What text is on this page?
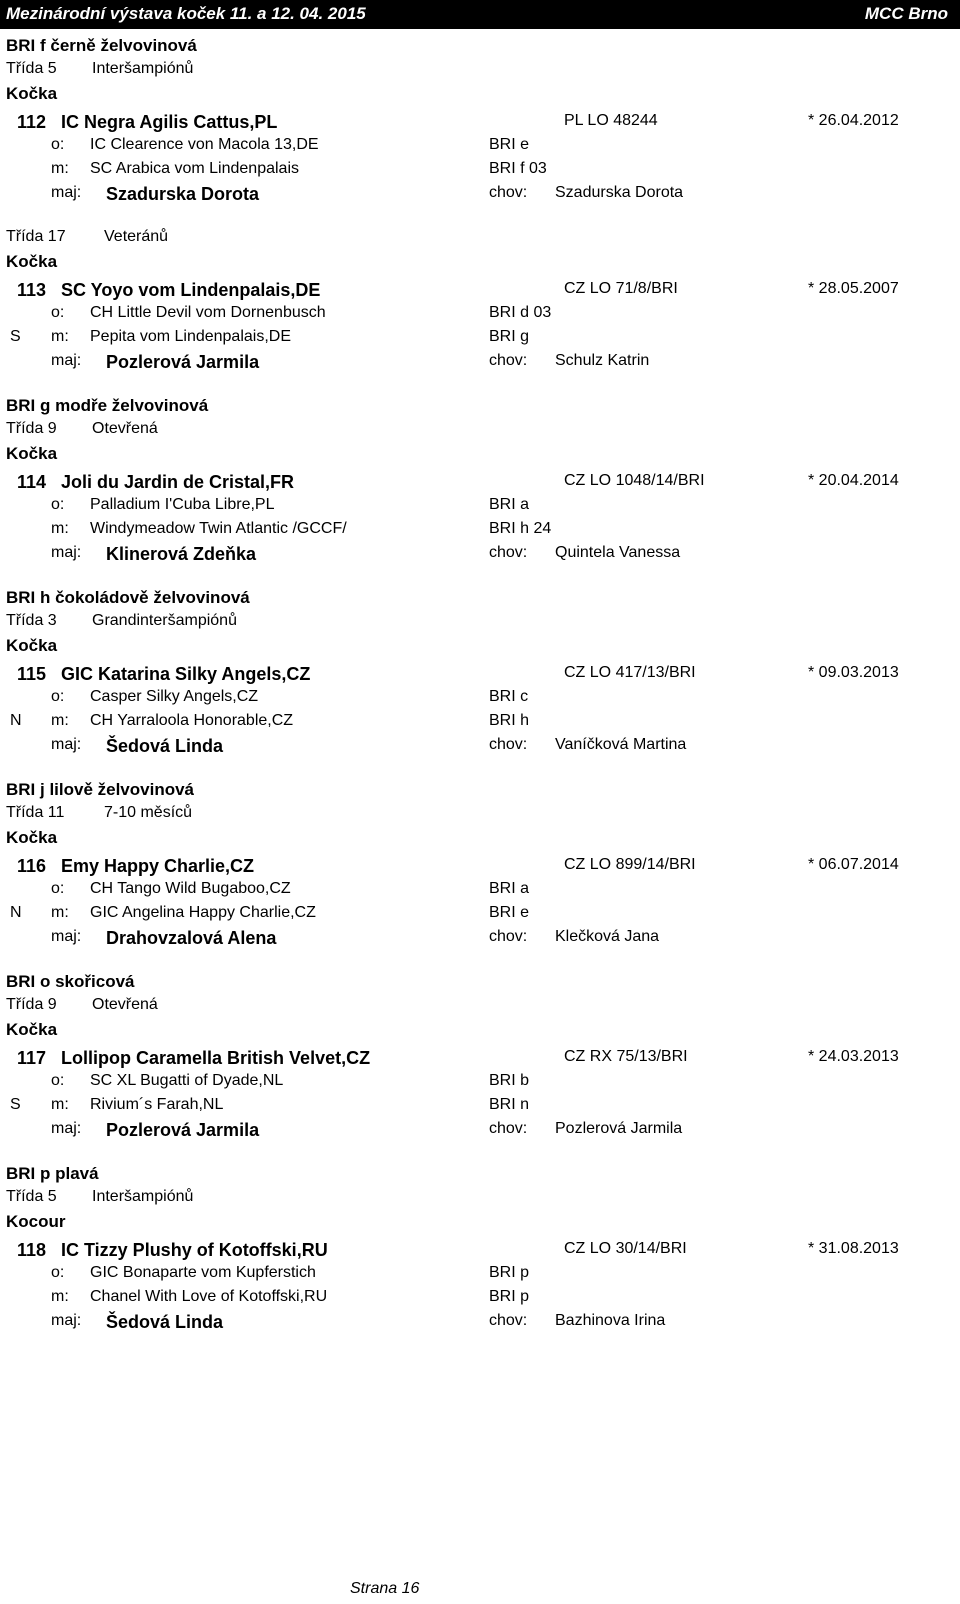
Mezinárodní výstava koček 11. a 12. 04. 2015	MCC Brno
BRI f černě želvovinová
Třída 5 Interšampiónů
Kočka
112 IC Negra Agilis Cattus,PL	PL LO 48244	* 26.04.2012
o: IC Clearence von Macola 13,DE	BRI e
m: SC Arabica vom Lindenpalais	BRI f 03
maj: Szadurska Dorota	chov: Szadurska Dorota
Třída 17 Veteránů
Kočka
113 SC Yoyo vom Lindenpalais,DE	CZ LO 71/8/BRI	* 28.05.2007
o: CH Little Devil vom Dornenbusch	BRI d 03
S m: Pepita vom Lindenpalais,DE	BRI g
maj: Pozlerová Jarmila	chov: Schulz Katrin
BRI g modře želvovinová
Třída 9 Otevřená
Kočka
114 Joli du Jardin de Cristal,FR	CZ LO 1048/14/BRI	* 20.04.2014
o: Palladium I'Cuba Libre,PL	BRI a
m: Windymeadow Twin Atlantic /GCCF/	BRI h 24
maj: Klinerová Zdeňka	chov: Quintela Vanessa
BRI h čokoládově želvovinová
Třída 3 Grandinteršampiónů
Kočka
115 GIC Katarina Silky Angels,CZ	CZ LO 417/13/BRI	* 09.03.2013
o: Casper Silky Angels,CZ	BRI c
N m: CH Yarraloola Honorable,CZ	BRI h
maj: Šedová Linda	chov: Vaníčková Martina
BRI j lilově želvovinová
Třída 11 7-10 měsíců
Kočka
116 Emy Happy Charlie,CZ	CZ LO 899/14/BRI	* 06.07.2014
o: CH Tango Wild Bugaboo,CZ	BRI a
N m: GIC Angelina Happy Charlie,CZ	BRI e
maj: Drahovzalová Alena	chov: Klečková Jana
BRI o skořicová
Třída 9 Otevřená
Kočka
117 Lollipop Caramella British Velvet,CZ	CZ RX 75/13/BRI	* 24.03.2013
o: SC XL Bugatti of Dyade,NL	BRI b
S m: Rivium´s Farah,NL	BRI n
maj: Pozlerová Jarmila	chov: Pozlerová Jarmila
BRI p plavá
Třída 5 Interšampiónů
Kocour
118 IC Tizzy Plushy of Kotoffski,RU	CZ LO 30/14/BRI	* 31.08.2013
o: GIC Bonaparte vom Kupferstich	BRI p
m: Chanel With Love of Kotoffski,RU	BRI p
maj: Šedová Linda	chov: Bazhinova Irina
Strana 16
